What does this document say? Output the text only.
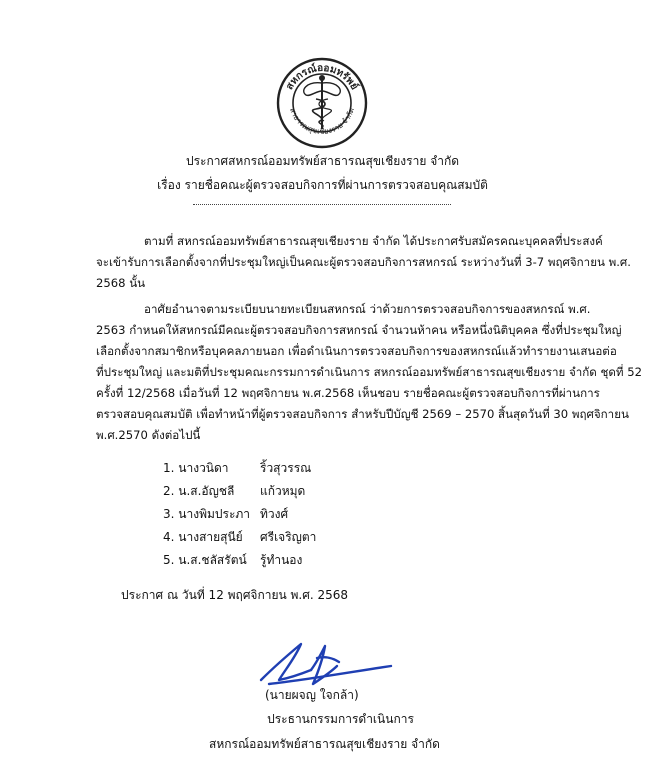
สหกรณ์ออมทรัพย์
สาธารณสุขเชียงราย จำกัด
ประกาศสหกรณ์ออมทรัพย์สาธารณสุขเชียงราย จำกัด
เรื่อง รายชื่อคณะผู้ตรวจสอบกิจการที่ผ่านการตรวจสอบคุณสมบัติ
ตามที่ สหกรณ์ออมทรัพย์สาธารณสุขเชียงราย จำกัด ได้ประกาศรับสมัครคณะบุคคลที่ประสงค์
จะเข้ารับการเลือกตั้งจากที่ประชุมใหญ่เป็นคณะผู้ตรวจสอบกิจการสหกรณ์ ระหว่างวันที่ 3-7 พฤศจิกายน พ.ศ.
2568 นั้น
อาศัยอำนาจตามระเบียบนายทะเบียนสหกรณ์ ว่าด้วยการตรวจสอบกิจการของสหกรณ์ พ.ศ.
2563 กำหนดให้สหกรณ์มีคณะผู้ตรวจสอบกิจการสหกรณ์ จำนวนห้าคน หรือหนึ่งนิติบุคคล ซึ่งที่ประชุมใหญ่
เลือกตั้งจากสมาชิกหรือบุคคลภายนอก เพื่อดำเนินการตรวจสอบกิจการของสหกรณ์แล้วทำรายงานเสนอต่อ
ที่ประชุมใหญ่ และมติที่ประชุมคณะกรรมการดำเนินการ สหกรณ์ออมทรัพย์สาธารณสุขเชียงราย จำกัด ชุดที่ 52
ครั้งที่ 12/2568 เมื่อวันที่ 12 พฤศจิกายน พ.ศ.2568 เห็นชอบ รายชื่อคณะผู้ตรวจสอบกิจการที่ผ่านการ
ตรวจสอบคุณสมบัติ เพื่อทำหน้าที่ผู้ตรวจสอบกิจการ สำหรับปีบัญชี 2569 – 2570 สิ้นสุดวันที่ 30 พฤศจิกายน
พ.ศ.2570 ดังต่อไปนี้
1. นางวนิดา	ริ้วสุวรรณ
2. น.ส.อัญชลี	แก้วหมุด
3. นางพิมประภา ทิวงศ์
4. นางสายสุนีย์	ศรีเจริญตา
5. น.ส.ชลัสรัตน์	รู้ทำนอง
ประกาศ ณ วันที่ 12 พฤศจิกายน พ.ศ. 2568
(นายผจญ ใจกล้า)
ประธานกรรมการดำเนินการ
สหกรณ์ออมทรัพย์สาธารณสุขเชียงราย จำกัด
